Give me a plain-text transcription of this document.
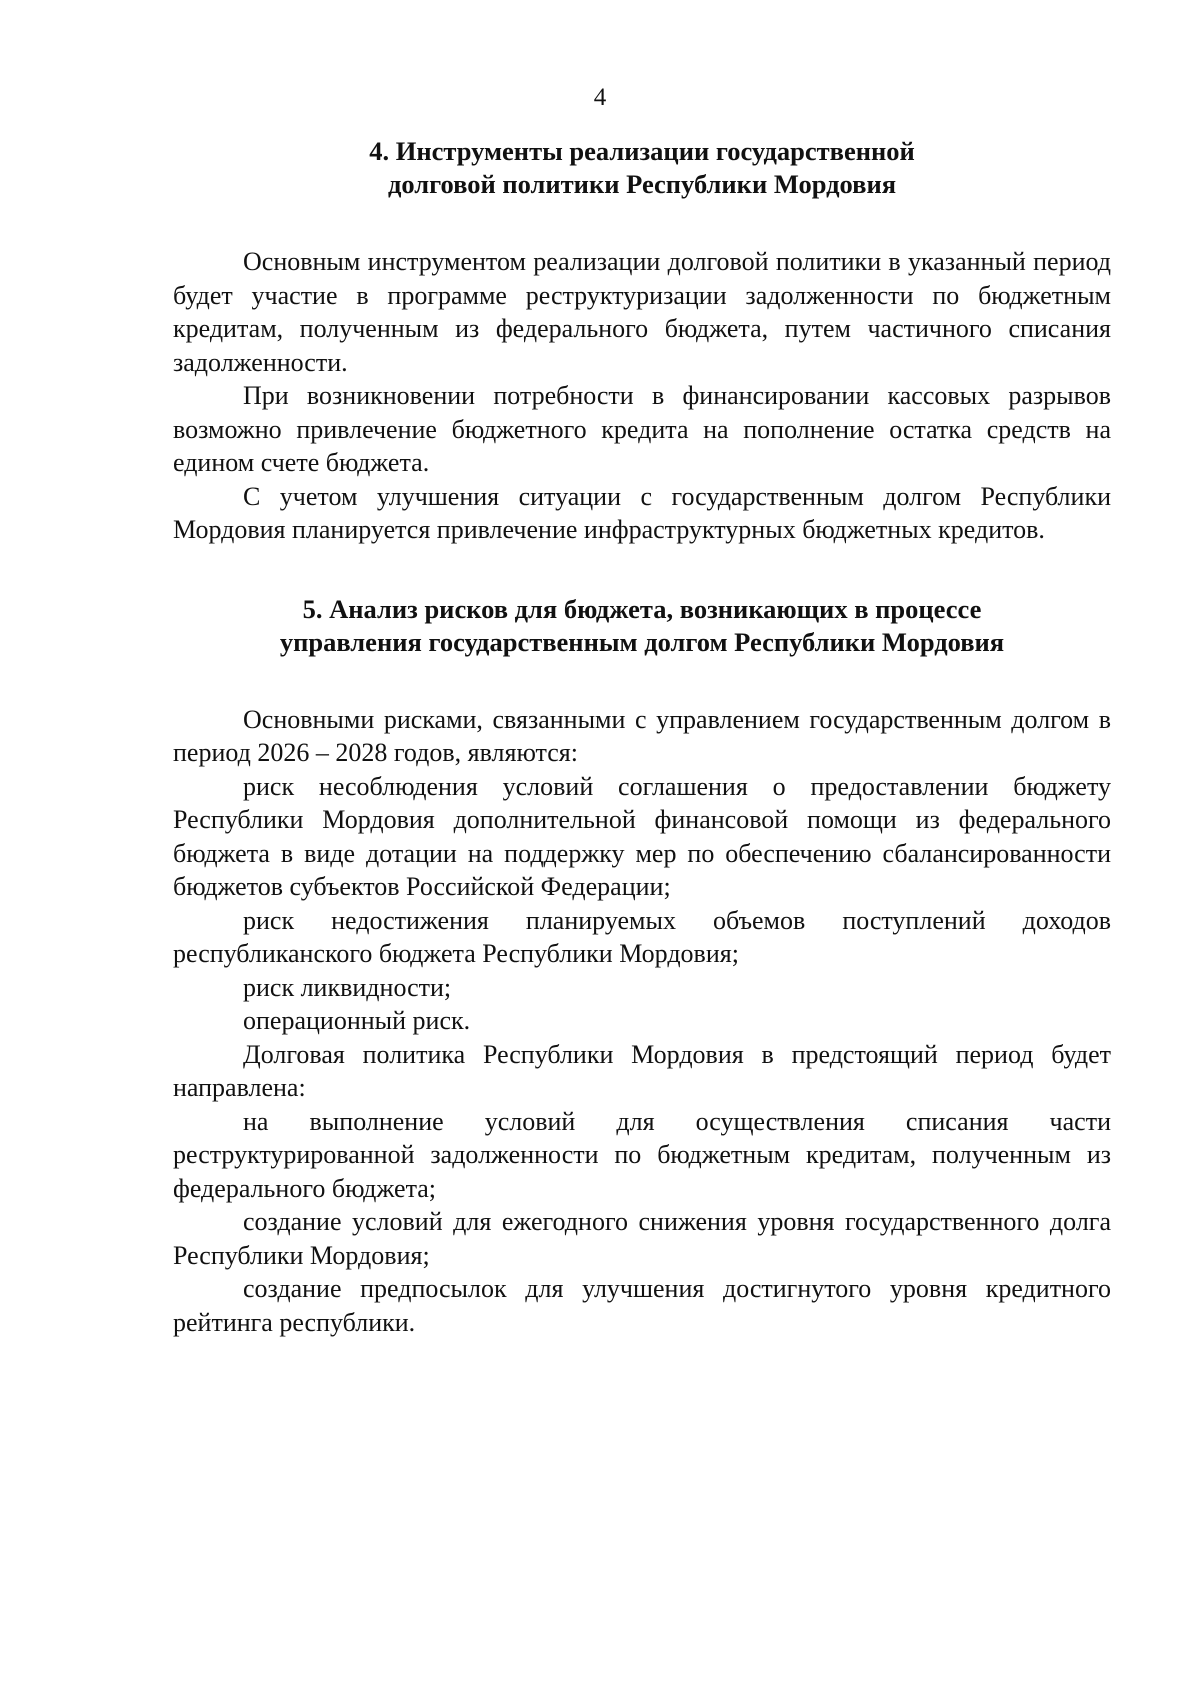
4
4. Инструменты реализации государственной
долговой политики Республики Мордовия

Основным инструментом реализации долговой политики в указанный период будет участие в программе реструктуризации задолженности по бюджетным кредитам, полученным из федерального бюджета, путем частичного списания задолженности.

При возникновении потребности в финансировании кассовых разрывов возможно привлечение бюджетного кредита на пополнение остатка средств на едином счете бюджета.

С учетом улучшения ситуации с государственным долгом Республики Мордовия планируется привлечение инфраструктурных бюджетных кредитов.

5. Анализ рисков для бюджета, возникающих в процессе
управления государственным долгом Республики Мордовия

Основными рисками, связанными с управлением государственным долгом в период 2026 – 2028 годов, являются:

риск несоблюдения условий соглашения о предоставлении бюджету Республики Мордовия дополнительной финансовой помощи из федерального бюджета в виде дотации на поддержку мер по обеспечению сбалансированности бюджетов субъектов Российской Федерации;

риск недостижения планируемых объемов поступлений доходов республиканского бюджета Республики Мордовия;

риск ликвидности;

операционный риск.

Долговая политика Республики Мордовия в предстоящий период будет направлена:

на выполнение условий для осуществления списания части реструктурированной задолженности по бюджетным кредитам, полученным из федерального бюджета;

создание условий для ежегодного снижения уровня государственного долга Республики Мордовия;

создание предпосылок для улучшения достигнутого уровня кредитного рейтинга республики.
